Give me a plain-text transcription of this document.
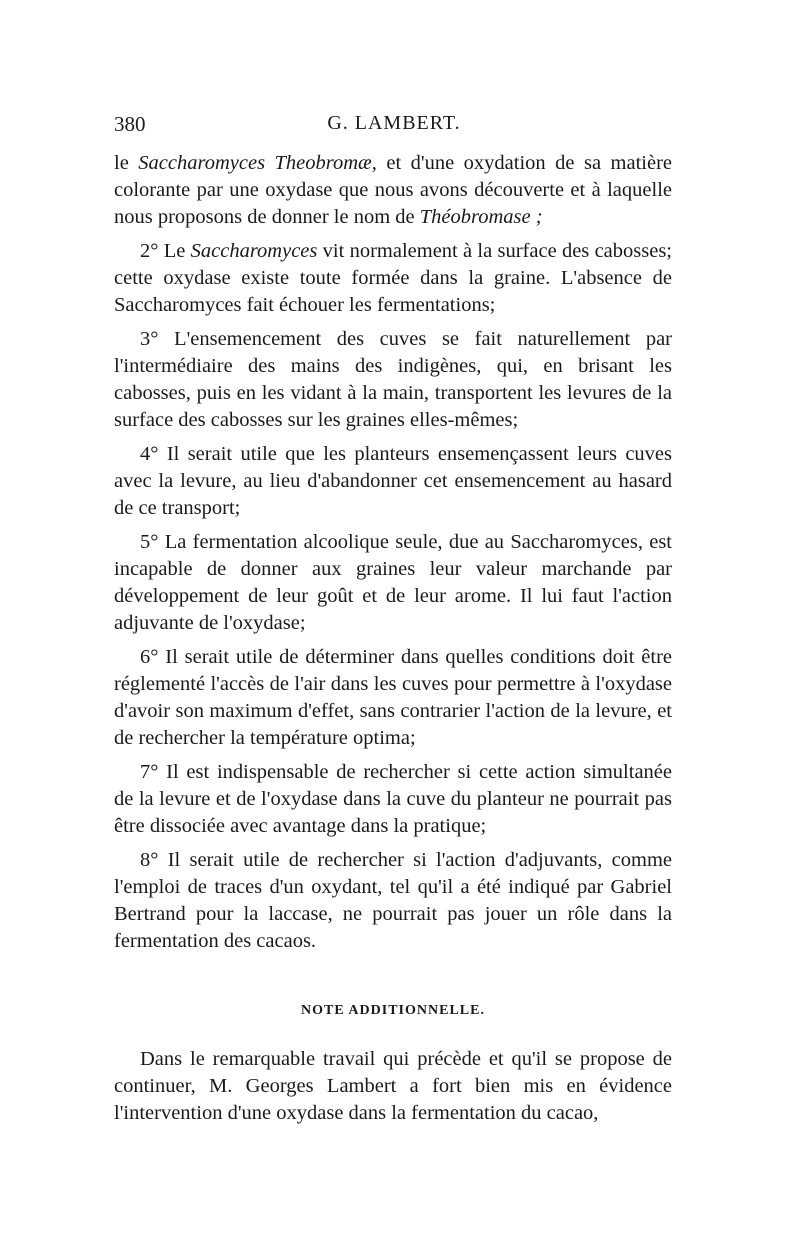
380	G. LAMBERT.

le Saccharomyces Theobromæ, et d'une oxydation de sa matière colorante par une oxydase que nous avons découverte et à laquelle nous proposons de donner le nom de Théobromase ;

2° Le Saccharomyces vit normalement à la surface des cabosses; cette oxydase existe toute formée dans la graine. L'absence de Saccharomyces fait échouer les fermentations;

3° L'ensemencement des cuves se fait naturellement par l'intermédiaire des mains des indigènes, qui, en brisant les cabosses, puis en les vidant à la main, transportent les levures de la surface des cabosses sur les graines elles-mêmes;

4° Il serait utile que les planteurs ensemençassent leurs cuves avec la levure, au lieu d'abandonner cet ensemencement au hasard de ce transport;

5° La fermentation alcoolique seule, due au Saccharomyces, est incapable de donner aux graines leur valeur marchande par développement de leur goût et de leur arome. Il lui faut l'action adjuvante de l'oxydase;

6° Il serait utile de déterminer dans quelles conditions doit être réglementé l'accès de l'air dans les cuves pour permettre à l'oxydase d'avoir son maximum d'effet, sans contrarier l'action de la levure, et de rechercher la température optima;

7° Il est indispensable de rechercher si cette action simultanée de la levure et de l'oxydase dans la cuve du planteur ne pourrait pas être dissociée avec avantage dans la pratique;

8° Il serait utile de rechercher si l'action d'adjuvants, comme l'emploi de traces d'un oxydant, tel qu'il a été indiqué par Gabriel Bertrand pour la laccase, ne pourrait pas jouer un rôle dans la fermentation des cacaos.

NOTE ADDITIONNELLE.

Dans le remarquable travail qui précède et qu'il se propose de continuer, M. Georges Lambert a fort bien mis en évidence l'intervention d'une oxydase dans la fermentation du cacao,
